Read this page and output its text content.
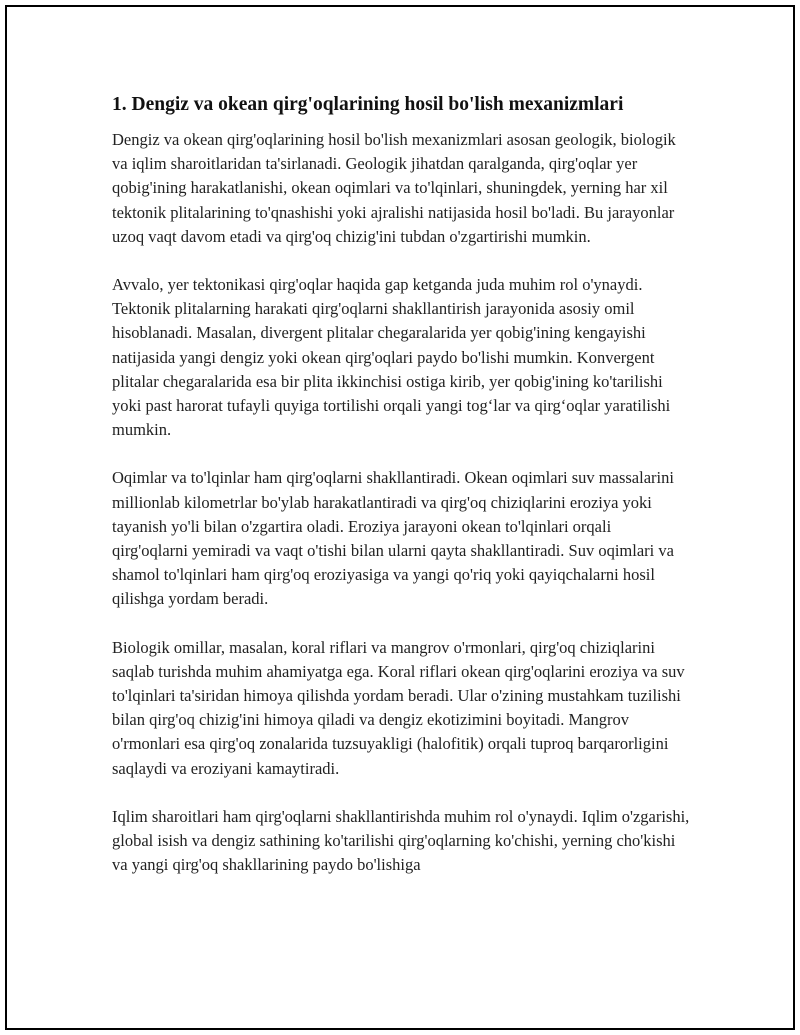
1. Dengiz va okean qirg'oqlarining hosil bo'lish mexanizmlari

Dengiz va okean qirg'oqlarining hosil bo'lish mexanizmlari asosan geologik, biologik va iqlim sharoitlaridan ta'sirlanadi. Geologik jihatdan qaralganda, qirg'oqlar yer qobig'ining harakatlanishi, okean oqimlari va to'lqinlari, shuningdek, yerning har xil tektonik plitalarining to'qnashishi yoki ajralishi natijasida hosil bo'ladi. Bu jarayonlar uzoq vaqt davom etadi va qirg'oq chizig'ini tubdan o'zgartirishi mumkin.

Avvalo, yer tektonikasi qirg'oqlar haqida gap ketganda juda muhim rol o'ynaydi. Tektonik plitalarning harakati qirg'oqlarni shakllantirish jarayonida asosiy omil hisoblanadi. Masalan, divergent plitalar chegaralarida yer qobig'ining kengayishi natijasida yangi dengiz yoki okean qirg'oqlari paydo bo'lishi mumkin. Konvergent plitalar chegaralarida esa bir plita ikkinchisi ostiga kirib, yer qobig'ining ko'tarilishi yoki past harorat tufayli quyiga tortilishi orqali yangi tog‘lar va qirg‘oqlar yaratilishi mumkin.

Oqimlar va to'lqinlar ham qirg'oqlarni shakllantiradi. Okean oqimlari suv massalarini millionlab kilometrlar bo'ylab harakatlantiradi va qirg'oq chiziqlarini eroziya yoki tayanish yo'li bilan o'zgartira oladi. Eroziya jarayoni okean to'lqinlari orqali qirg'oqlarni yemiradi va vaqt o'tishi bilan ularni qayta shakllantiradi. Suv oqimlari va shamol to'lqinlari ham qirg'oq eroziyasiga va yangi qo'riq yoki qayiqchalarni hosil qilishga yordam beradi.

Biologik omillar, masalan, koral riflari va mangrov o'rmonlari, qirg'oq chiziqlarini saqlab turishda muhim ahamiyatga ega. Koral riflari okean qirg'oqlarini eroziya va suv to'lqinlari ta'siridan himoya qilishda yordam beradi. Ular o'zining mustahkam tuzilishi bilan qirg'oq chizig'ini himoya qiladi va dengiz ekotizimini boyitadi. Mangrov o'rmonlari esa qirg'oq zonalarida tuzsuyakligi (halofitik) orqali tuproq barqarorligini saqlaydi va eroziyani kamaytiradi.

Iqlim sharoitlari ham qirg'oqlarni shakllantirishda muhim rol o'ynaydi. Iqlim o'zgarishi, global isish va dengiz sathining ko'tarilishi qirg'oqlarning ko'chishi, yerning cho'kishi va yangi qirg'oq shakllarining paydo bo'lishiga
